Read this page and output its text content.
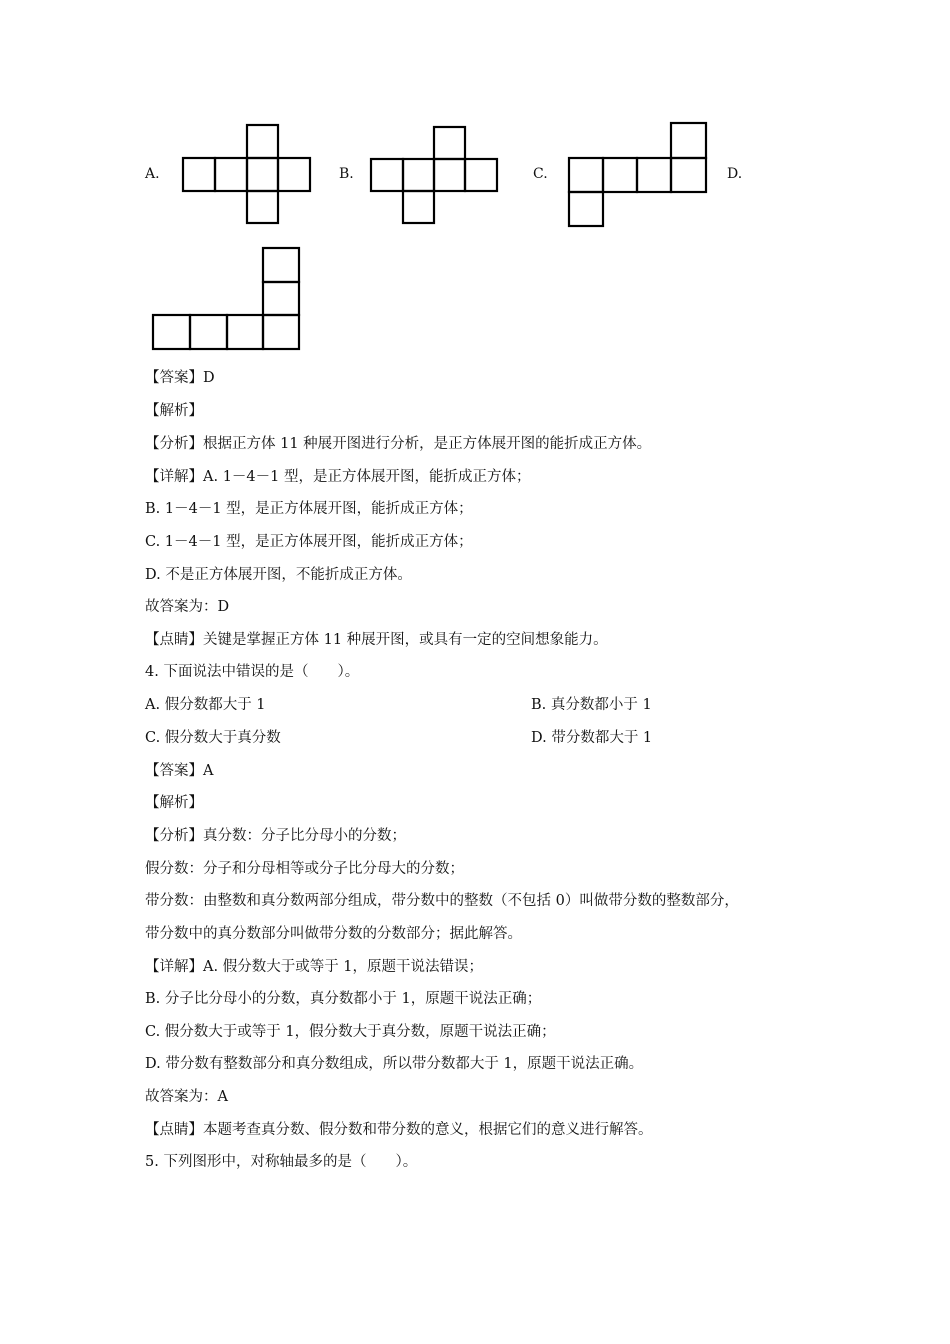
A.	B.	C.	D.
【答案】D
【解析】
【分析】根据正方体 11 种展开图进行分析，是正方体展开图的能折成正方体。
【详解】A. 1－4－1 型，是正方体展开图，能折成正方体；
B. 1－4－1 型，是正方体展开图，能折成正方体；
C. 1－4－1 型，是正方体展开图，能折成正方体；
D. 不是正方体展开图，不能折成正方体。
故答案为：D
【点睛】关键是掌握正方体 11 种展开图，或具有一定的空间想象能力。
4. 下面说法中错误的是（　　）。
A. 假分数都大于 1	B. 真分数都小于 1
C. 假分数大于真分数	D. 带分数都大于 1
【答案】A
【解析】
【分析】真分数：分子比分母小的分数；
假分数：分子和分母相等或分子比分母大的分数；
带分数：由整数和真分数两部分组成，带分数中的整数（不包括 0）叫做带分数的整数部分，
带分数中的真分数部分叫做带分数的分数部分；据此解答。
【详解】A. 假分数大于或等于 1，原题干说法错误；
B. 分子比分母小的分数，真分数都小于 1，原题干说法正确；
C. 假分数大于或等于 1，假分数大于真分数，原题干说法正确；
D. 带分数有整数部分和真分数组成，所以带分数都大于 1，原题干说法正确。
故答案为：A
【点睛】本题考查真分数、假分数和带分数的意义，根据它们的意义进行解答。
5. 下列图形中，对称轴最多的是（　　）。
